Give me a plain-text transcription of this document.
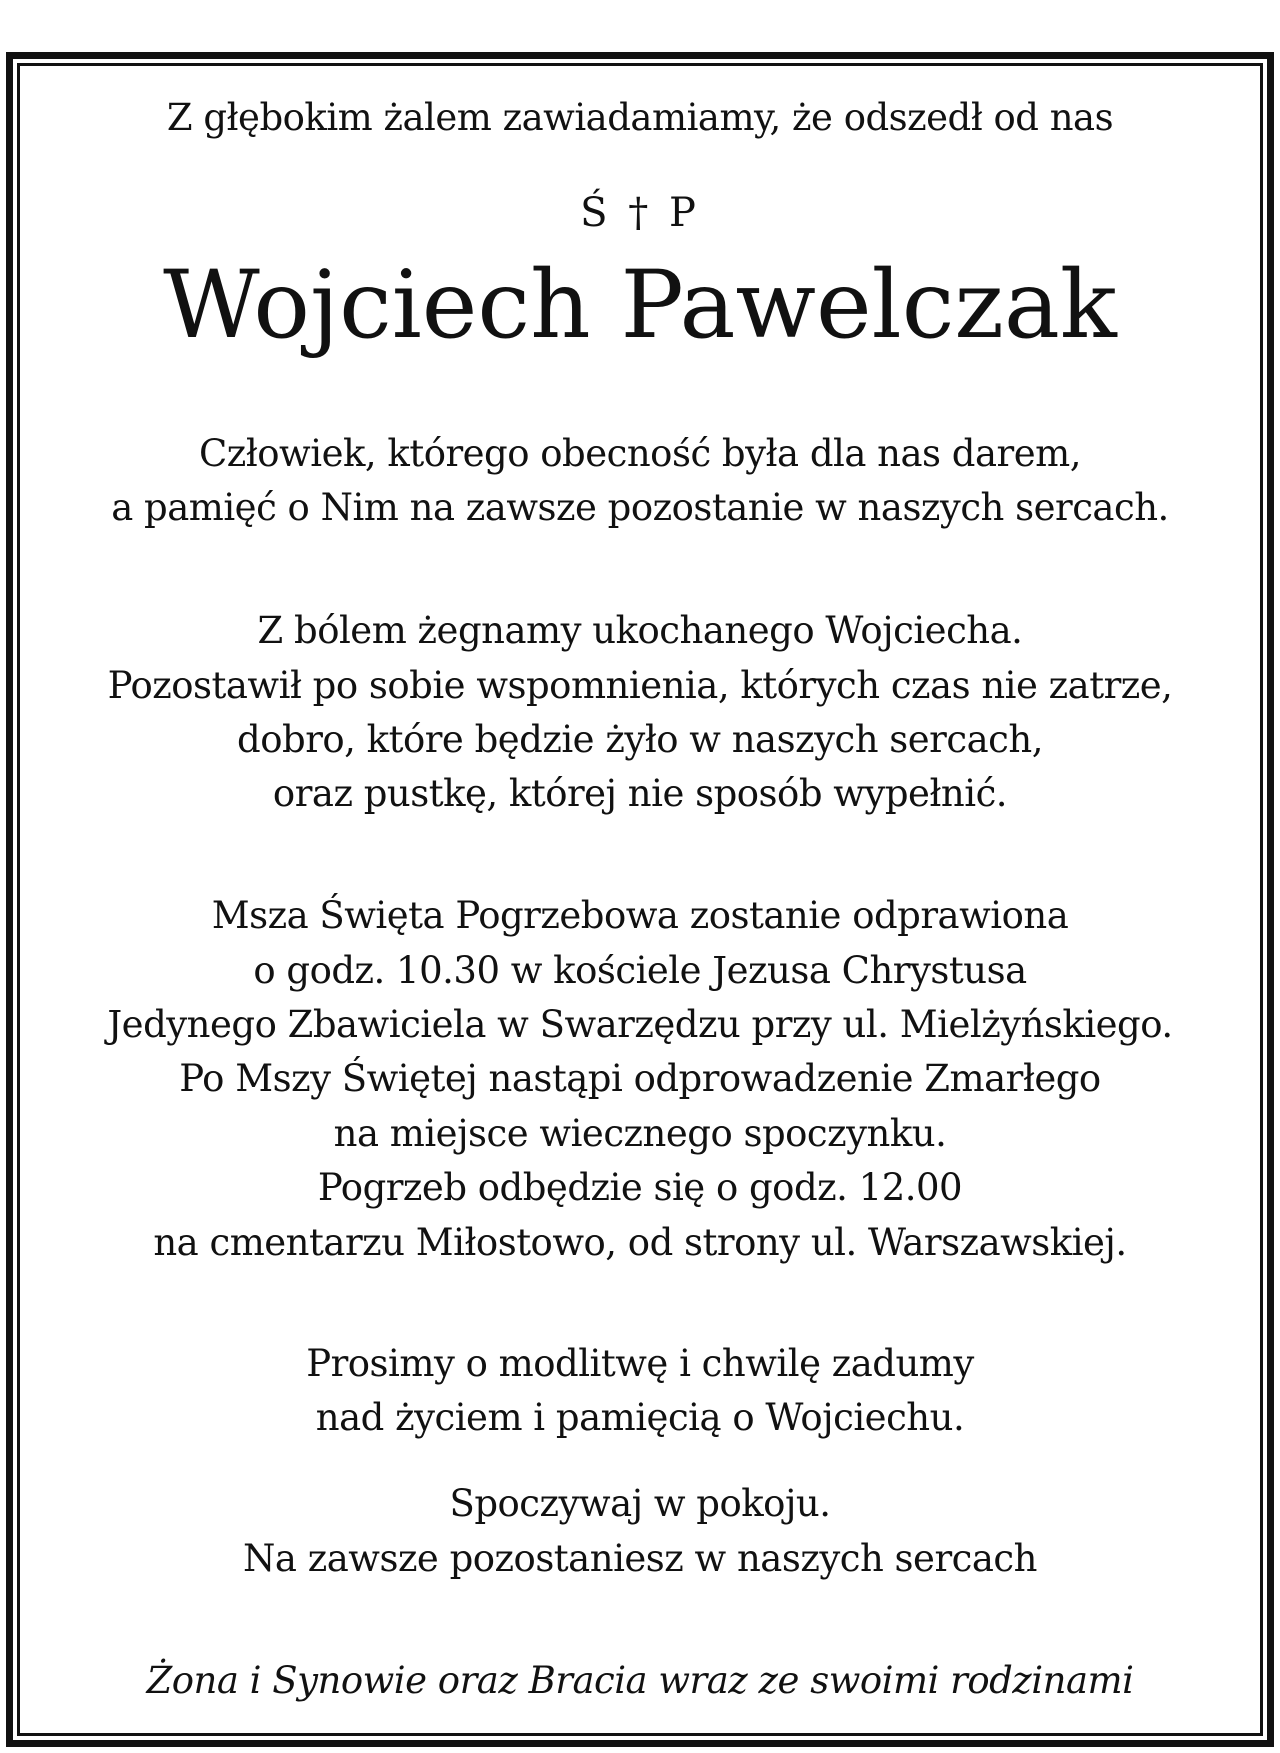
Z głębokim żalem zawiadamiamy, że odszedł od nas
Ś † P
Wojciech Pawelczak
Człowiek, którego obecność była dla nas darem,
a pamięć o Nim na zawsze pozostanie w naszych sercach.
Z bólem żegnamy ukochanego Wojciecha.
Pozostawił po sobie wspomnienia, których czas nie zatrze,
dobro, które będzie żyło w naszych sercach,
oraz pustkę, której nie sposób wypełnić.
Msza Święta Pogrzebowa zostanie odprawiona
o godz. 10.30 w kościele Jezusa Chrystusa
Jedynego Zbawiciela w Swarzędzu przy ul. Mielżyńskiego.
Po Mszy Świętej nastąpi odprowadzenie Zmarłego
na miejsce wiecznego spoczynku.
Pogrzeb odbędzie się o godz. 12.00
na cmentarzu Miłostowo, od strony ul. Warszawskiej.
Prosimy o modlitwę i chwilę zadumy
nad życiem i pamięcią o Wojciechu.
Spoczywaj w pokoju.
Na zawsze pozostaniesz w naszych sercach
Żona i Synowie oraz Bracia wraz ze swoimi rodzinami
